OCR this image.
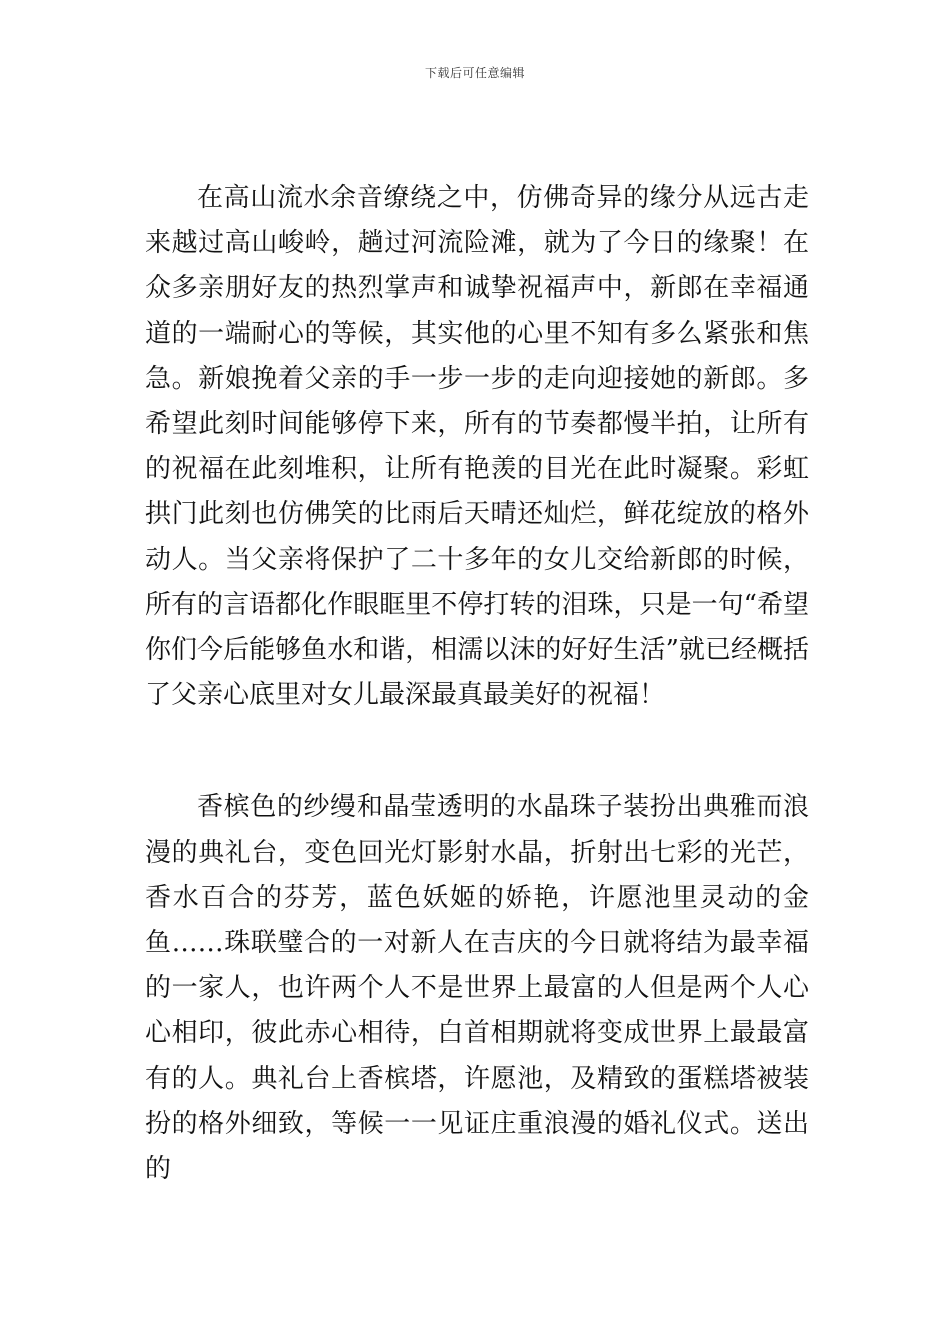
下载后可任意编辑

在高山流水余音缭绕之中，仿佛奇异的缘分从远古走来越过高山峻岭，趟过河流险滩，就为了今日的缘聚！在众多亲朋好友的热烈掌声和诚挚祝福声中，新郎在幸福通道的一端耐心的等候，其实他的心里不知有多么紧张和焦急。新娘挽着父亲的手一步一步的走向迎接她的新郎。多希望此刻时间能够停下来，所有的节奏都慢半拍，让所有的祝福在此刻堆积，让所有艳羡的目光在此时凝聚。彩虹拱门此刻也仿佛笑的比雨后天晴还灿烂，鲜花绽放的格外动人。当父亲将保护了二十多年的女儿交给新郎的时候，所有的言语都化作眼眶里不停打转的泪珠，只是一句“希望你们今后能够鱼水和谐，相濡以沫的好好生活”就已经概括了父亲心底里对女儿最深最真最美好的祝福！

香槟色的纱缦和晶莹透明的水晶珠子装扮出典雅而浪漫的典礼台，变色回光灯影射水晶，折射出七彩的光芒，香水百合的芬芳，蓝色妖姬的娇艳，许愿池里灵动的金鱼……珠联璧合的一对新人在吉庆的今日就将结为最幸福的一家人，也许两个人不是世界上最富的人但是两个人心心相印，彼此赤心相待，白首相期就将变成世界上最最富有的人。典礼台上香槟塔，许愿池，及精致的蛋糕塔被装扮的格外细致，等候一一见证庄重浪漫的婚礼仪式。送出的
